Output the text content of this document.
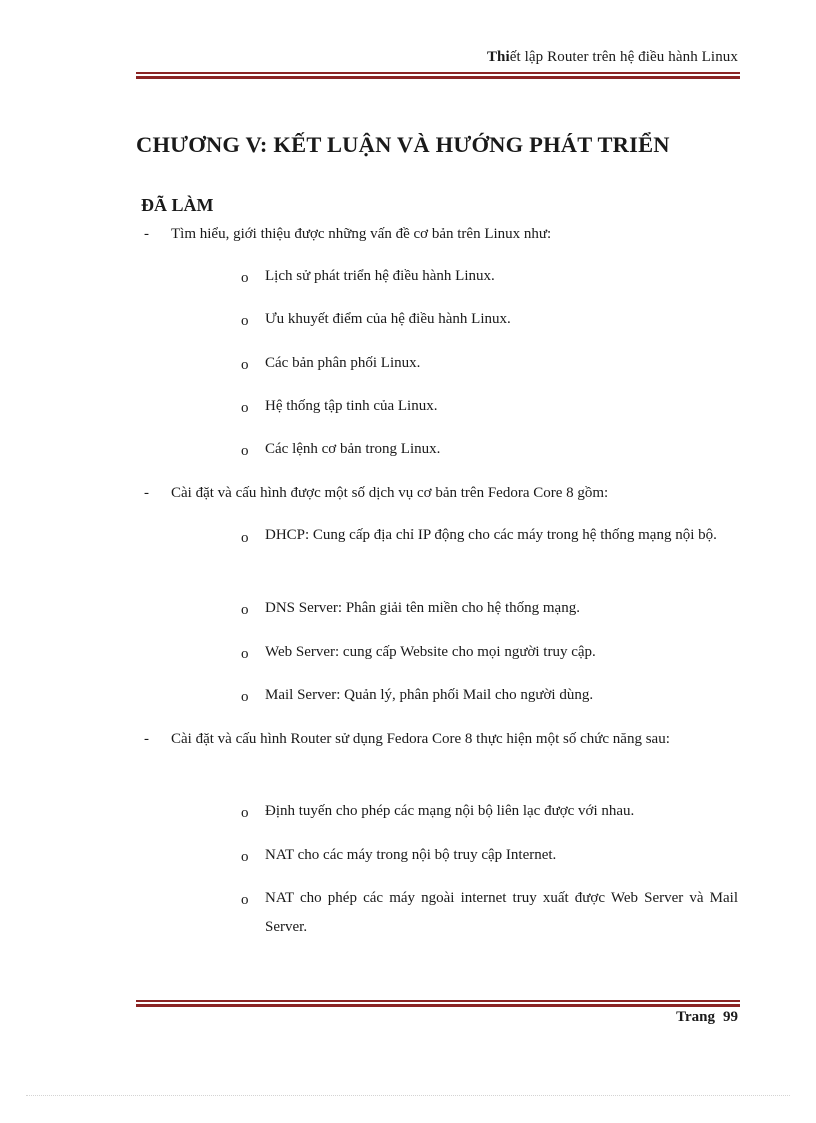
Thiết lập Router trên hệ điều hành Linux
CHƯƠNG V: KẾT LUẬN VÀ HƯỚNG PHÁT TRIỂN
ĐÃ LÀM
- Tìm hiểu, giới thiệu được những vấn đề cơ bản trên Linux như:

o Lịch sử phát triển hệ điều hành Linux.

o Ưu khuyết điểm của hệ điều hành Linux.

o Các bản phân phối Linux.

o Hệ thống tập tinh của Linux.

o Các lệnh cơ bản trong Linux.

- Cài đặt và cấu hình được một số dịch vụ cơ bản trên Fedora Core 8 gồm:

o DHCP: Cung cấp địa chỉ IP động cho các máy trong hệ thống mạng nội bộ.

o DNS Server: Phân giải tên miền cho hệ thống mạng.

o Web Server: cung cấp Website cho mọi người truy cập.

o Mail Server: Quản lý, phân phối Mail cho người dùng.

- Cài đặt và cấu hình Router sử dụng Fedora Core 8 thực hiện một số chức năng sau:

o Định tuyến cho phép các mạng nội bộ liên lạc được với nhau.

o NAT cho các máy trong nội bộ truy cập Internet.

o NAT cho phép các máy ngoài internet truy xuất được Web Server và Mail Server.

Trang 99
